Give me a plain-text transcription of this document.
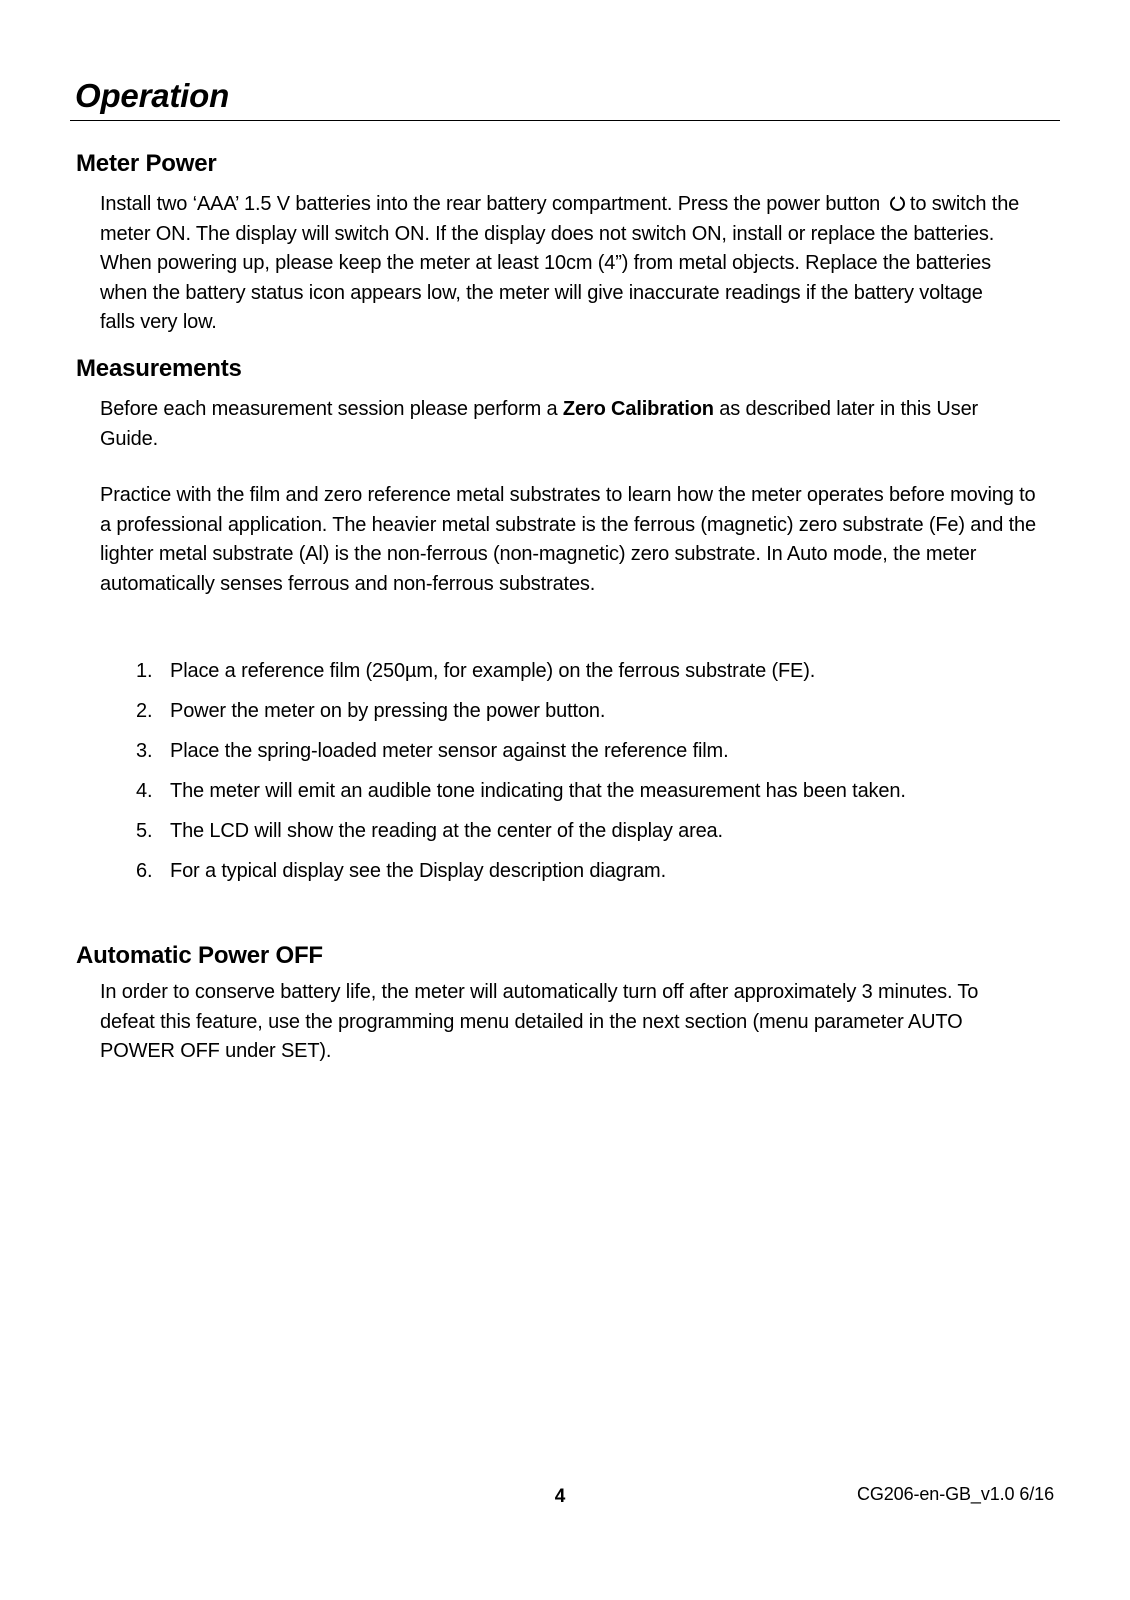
Operation
Meter Power

Install two ‘AAA’ 1.5 V batteries into the rear battery compartment. Press the power button to switch the meter ON. The display will switch ON. If the display does not switch ON, install or replace the batteries. When powering up, please keep the meter at least 10cm (4”) from metal objects. Replace the batteries when the battery status icon appears low, the meter will give inaccurate readings if the battery voltage falls very low.

Measurements

Before each measurement session please perform a Zero Calibration as described later in this User Guide.

Practice with the film and zero reference metal substrates to learn how the meter operates before moving to a professional application. The heavier metal substrate is the ferrous (magnetic) zero substrate (Fe) and the lighter metal substrate (Al) is the non-ferrous (non-magnetic) zero substrate. In Auto mode, the meter automatically senses ferrous and non-ferrous substrates.

1. Place a reference film (250µm, for example) on the ferrous substrate (FE).
2. Power the meter on by pressing the power button.
3. Place the spring-loaded meter sensor against the reference film.
4. The meter will emit an audible tone indicating that the measurement has been taken.
5. The LCD will show the reading at the center of the display area.
6. For a typical display see the Display description diagram.
Automatic Power OFF

In order to conserve battery life, the meter will automatically turn off after approximately 3 minutes. To defeat this feature, use the programming menu detailed in the next section (menu parameter AUTO POWER OFF under SET).

4	CG206-en-GB_v1.0 6/16
